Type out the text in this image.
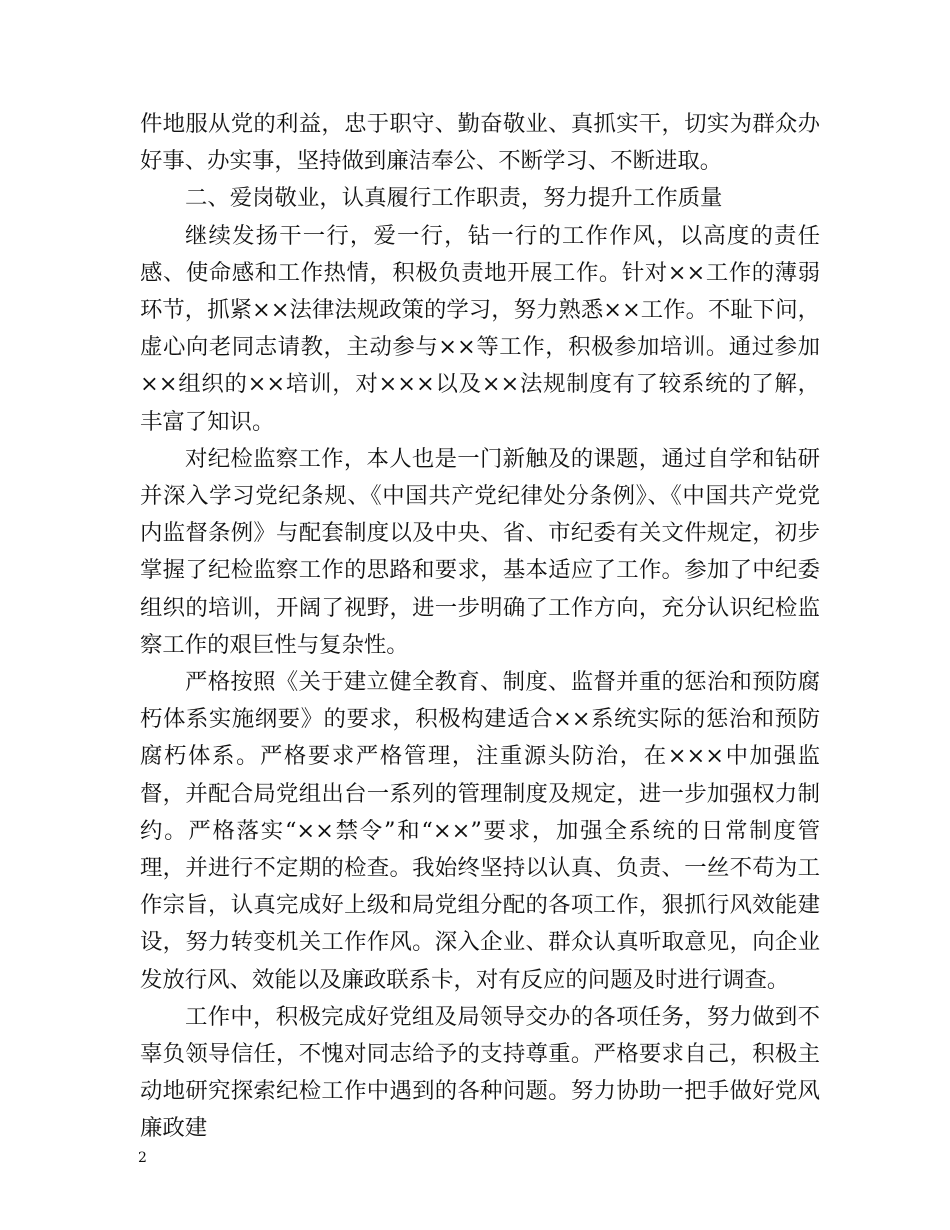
件地服从党的利益，忠于职守、勤奋敬业、真抓实干，切实为群众办好事、办实事，坚持做到廉洁奉公、不断学习、不断进取。

二、爱岗敬业，认真履行工作职责，努力提升工作质量

继续发扬干一行，爱一行，钻一行的工作作风，以高度的责任感、使命感和工作热情，积极负责地开展工作。针对××工作的薄弱环节，抓紧××法律法规政策的学习，努力熟悉××工作。不耻下问，虚心向老同志请教，主动参与××等工作，积极参加培训。通过参加××组织的××培训，对×××以及××法规制度有了较系统的了解，丰富了知识。

对纪检监察工作，本人也是一门新触及的课题，通过自学和钻研并深入学习党纪条规、《中国共产党纪律处分条例》、《中国共产党党内监督条例》与配套制度以及中央、省、市纪委有关文件规定，初步掌握了纪检监察工作的思路和要求，基本适应了工作。参加了中纪委组织的培训，开阔了视野，进一步明确了工作方向，充分认识纪检监察工作的艰巨性与复杂性。

严格按照《关于建立健全教育、制度、监督并重的惩治和预防腐朽体系实施纲要》的要求，积极构建适合××系统实际的惩治和预防腐朽体系。严格要求严格管理，注重源头防治，在×××中加强监督，并配合局党组出台一系列的管理制度及规定，进一步加强权力制约。严格落实“××禁令”和“××”要求，加强全系统的日常制度管理，并进行不定期的检查。我始终坚持以认真、负责、一丝不苟为工作宗旨，认真完成好上级和局党组分配的各项工作，狠抓行风效能建设，努力转变机关工作作风。深入企业、群众认真听取意见，向企业发放行风、效能以及廉政联系卡，对有反应的问题及时进行调查。

工作中，积极完成好党组及局领导交办的各项任务，努力做到不辜负领导信任，不愧对同志给予的支持尊重。严格要求自己，积极主动地研究探索纪检工作中遇到的各种问题。努力协助一把手做好党风廉政建

2
